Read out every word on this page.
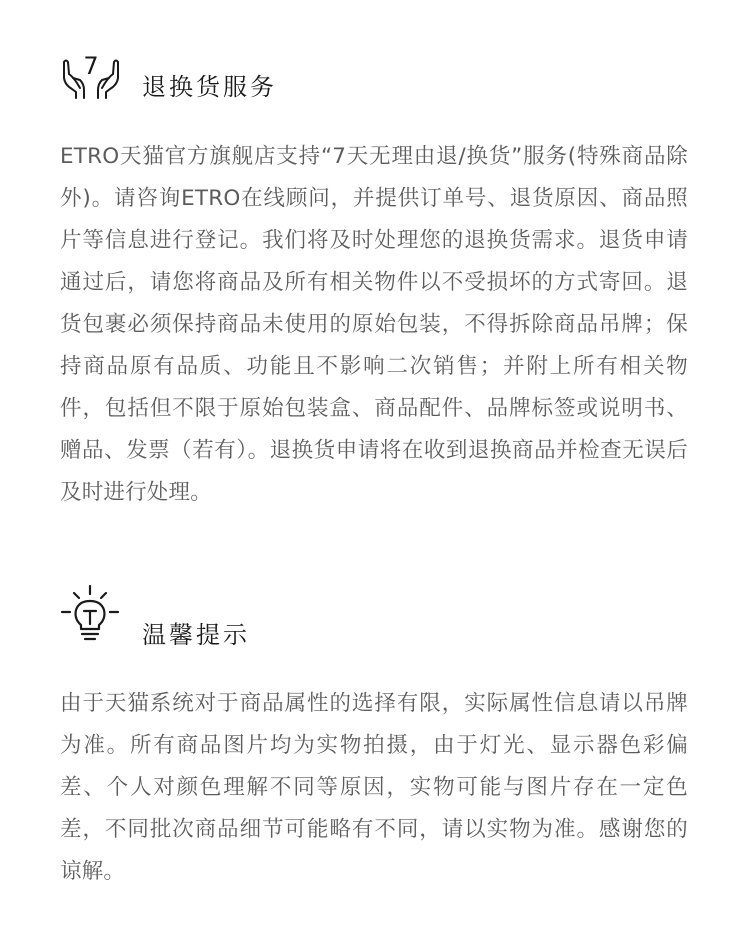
7
退换货服务

ETRO天猫官方旗舰店支持“7天无理由退/换货”服务(特殊商品除外)。请咨询ETRO在线顾问，并提供订单号、退货原因、商品照片等信息进行登记。我们将及时处理您的退换货需求。退货申请通过后，请您将商品及所有相关物件以不受损坏的方式寄回。退货包裹必须保持商品未使用的原始包装，不得拆除商品吊牌；保持商品原有品质、功能且不影响二次销售；并附上所有相关物件，包括但不限于原始包装盒、商品配件、品牌标签或说明书、赠品、发票（若有）。退换货申请将在收到退换商品并检查无误后及时进行处理。

温馨提示

由于天猫系统对于商品属性的选择有限，实际属性信息请以吊牌为准。所有商品图片均为实物拍摄，由于灯光、显示器色彩偏差、个人对颜色理解不同等原因，实物可能与图片存在一定色差，不同批次商品细节可能略有不同，请以实物为准。感谢您的谅解。
